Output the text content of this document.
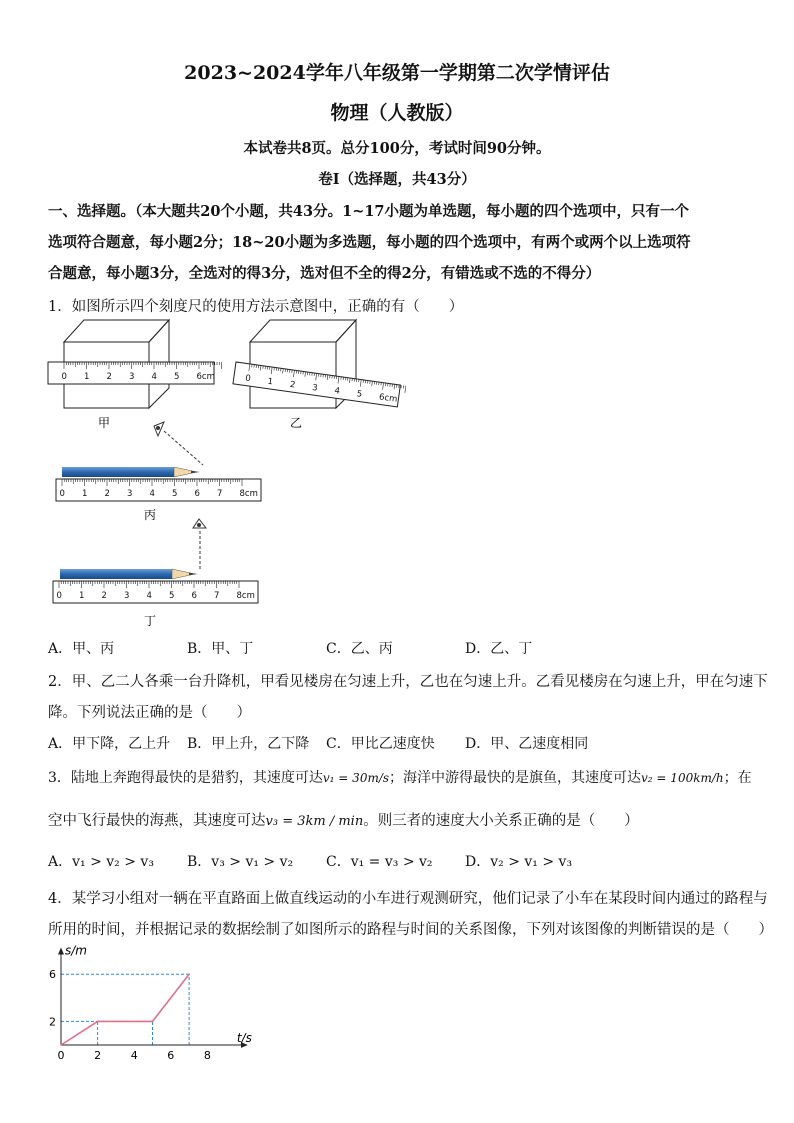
2023~2024学年八年级第一学期第二次学情评估
物理（人教版）
本试卷共8页。总分100分，考试时间90分钟。
卷Ⅰ（选择题，共43分）
一、选择题。（本大题共20个小题，共43分。1~17小题为单选题，每小题的四个选项中，只有一个
选项符合题意，每小题2分；18~20小题为多选题，每小题的四个选项中，有两个或两个以上选项符
合题意，每小题3分，全选对的得3分，选对但不全的得2分，有错选或不选的不得分）
1．如图所示四个刻度尺的使用方法示意图中，正确的有（　　）
0 1 2 3 4 5 6cm
甲
0 1 2 3 4 5 6cm
乙
0 1 2 3 4 5 6 7 8cm
丙
0 1 2 3 4 5 6 7 8cm
丁
A．甲、丙	B．甲、丁	C．乙、丙	D．乙、丁
2．甲、乙二人各乘一台升降机，甲看见楼房在匀速上升，乙也在匀速上升。乙看见楼房在匀速上升，甲在匀速下
降。下列说法正确的是（　　）
A．甲下降，乙上升 B．甲上升，乙下降 C．甲比乙速度快 D．甲、乙速度相同
3．陆地上奔跑得最快的是猎豹，其速度可达v₁ = 30m/s；海洋中游得最快的是旗鱼，其速度可达v₂ = 100km/h；在
空中飞行最快的海燕，其速度可达v₃ = 3km / min。则三者的速度大小关系正确的是（　　）
A．v₁ > v₂ > v₃ B．v₃ > v₁ > v₂ C．v₁ = v₃ > v₂ D．v₂ > v₁ > v₃
4．某学习小组对一辆在平直路面上做直线运动的小车进行观测研究，他们记录了小车在某段时间内通过的路程与
所用的时间，并根据记录的数据绘制了如图所示的路程与时间的关系图像，下列对该图像的判断错误的是（　　）
s/m
t/s
0	2	4	6	8
2
6
